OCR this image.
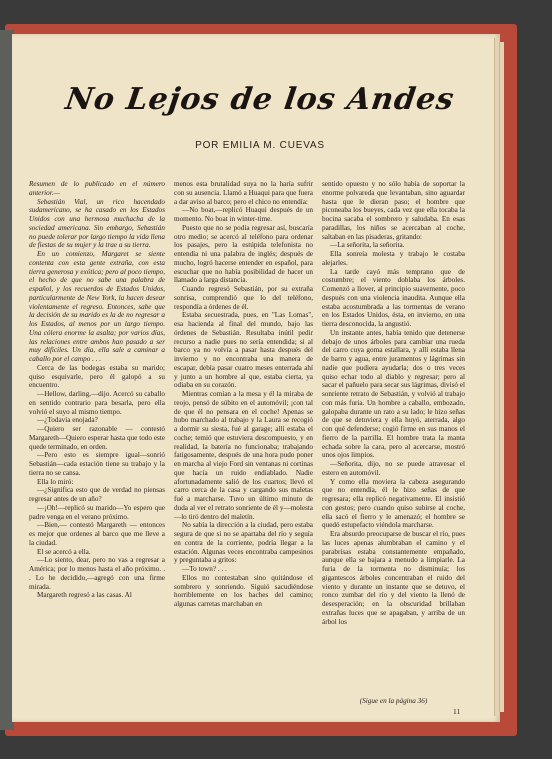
No Lejos de los Andes
POR EMILIA M. CUEVAS

Resumen de lo publicado en el número anterior.—

Sebastián Vial, un rico hacendado sudamericano, se ha casado en los Estados Unidos con una hermosa muchacha de la sociedad americana. Sin embargo, Sebastián no puede tolerar por largo tiempo la vida llena de fiestas de su mujer y la trae a su tierra.

En un comienzo, Margaret se siente contenta con esta gente extraña, con esta tierra generosa y exótica; pero al poco tiempo, el hecho de que no sabe una palabra de español, y los recuerdos de Estados Unidos, particularmente de New York, la hacen desear violentamente el regreso. Entonces, sabe que la decisión de su marido es la de no regresar a los Estados, al menos por un largo tiempo. Una cólera enorme la asalta; por varios días, las relaciones entre ambos han pasado a ser muy difíciles. Un día, ella sale a caminar a caballo por el campo . . .

Cerca de las bodegas estaba su marido; quiso esquivarle, pero él galopó a su encuentro.

—Hellow, darling,—dijo. Acercó su caballo en sentido contrario para besarla, pero ella volvió el suyo al mismo tiempo.

—¿Todavía enojada?

—Quiero ser razonable — contestó Margareth—Quiero esperar hasta que todo este quede terminado, en orden.

—Pero esto es siempre igual—sonrió Sebastián—cada estación tiene su trabajo y la tierra no se cansa.

Ella lo miró:

—¿Significa esto que de verdad no piensas regresar antes de un año?

—¡Oh!—replicó su marido—Yo espero que padre venga en el verano próximo.

—Bien,— contestó Margareth — entonces es mejor que ordenes al barco que me lleve a la ciudad.

El se acercó a ella.

—Lo siento, dear, pero no vas a regresar a América; por lo menos hasta el año próximo. . . Lo he decidido,—agregó con una firme mirada.

Margareth regresó a las casas. Al

menos esta brutalidad suya no la haría sufrir con su ausencia. Llamó a Huaqui para que fuera a dar aviso al barco; pero el chico no entendía:

—No boat,—replicó Huaqui después de un momento. No boat in winter-time.

Puesto que no se podía regresar así, buscaría otro medio; se acercó al teléfono para ordenar los pasajes, pero la estúpida telefonista no entendía ni una palabra de inglés; después de mucho, logró hacerse entender en español, para escuchar que no había posibilidad de hacer un llamado a larga distancia.

Cuando regresó Sebastián, por su extraña sonrisa, comprendió que lo del teléfono, respondía a órdenes de él.

Estaba secuestrada, pues, en "Las Lomas", esa hacienda al final del mundo, bajo las órdenes de Sebastián. Resultaba inútil pedir recurso a nadie pues no sería entendida; si al barco ya no volvía a pasar hasta después del invierno y no encontraba una manera de escapar, debía pasar cuatro meses enterrada ahí y junto a un hombre al que, estaba cierta, ya odiaba en su corazón.

Mientras comían a la mesa y él la miraba de reojo, pensó de súbito en el automóvil; ¡con tal de que él no pensara en el coche! Apenas se hubo marchado al trabajo y la Laura se recogió a dormir su siesta, fué al garage; allí estaba el coche; temió que estuviera descompuesto, y en realidad, la batería no funcionaba; trabajando fatigosamente, después de una hora pudo poner en marcha al viejo Ford sin ventanas ni cortinas que hacía un ruido endiablado. Nadie afortunadamente salió de los cuartos; llevó el carro cerca de la casa y cargando sus maletas fué a marcharse. Tuvo un último minuto de duda al ver el retrato sonriente de él y—molesta—lo tiró dentro del maletín.

No sabía la dirección a la ciudad, pero estaba segura de que si no se apartaba del río y seguía en contra de la corriente, podría llegar a la estación. Algunas veces encontraba campesinos y preguntaba a gritos:

—To town? . . .

Ellos no contestaban sino quitándose el sombrero y sonriendo. Siguió sacudiéndose horriblemente en los baches del camino; algunas carretas marchaban en

sentido opuesto y no sólo había de soportar la enorme polvareda que levantaban, sino aguardar hasta que le dieran paso; el hombre que piconeaba los bueyes, cada vez que ella tocaba la bocina sacaba el sombrero y saludaba. En esas paradillas, los niños se acercaban al coche, saltaban en las pisaderas, gritando:

—La señorita, la señorita.

Ella sonreía molesta y trabajo le costaba alejarles.

La tarde cayó más temprano que de costumbre; el viento doblaba los árboles. Comenzó a llover, al principio suavemente, poco después con una violencia inaudita. Aunque ella estaba acostumbrada a las tormentas de verano en los Estados Unidos, ésta, en invierno, en una tierra desconocida, la angustió.

Un instante antes, había tenido que detenerse debajo de unos árboles para cambiar una rueda del carro cuya goma estallara, y allí estaba llena de barro y agua, entre juramentos y lágrimas sin nadie que pudiera ayudarla; dos o tres veces quiso echar todo al diablo y regresar; pero al sacar el pañuelo para secar sus lágrimas, divisó el sonriente retrato de Sebastián, y volvió al trabajo con más furia. Un hombre a caballo, embozado, galopaba durante un rato a su lado; le hizo señas de que se detuviera y ella huyó, aterrada, algo con qué defenderse; cogió firme en sus manos el fierro de la parrilla. El hombre trata la manta echada sobre la cara, pero al acercarse, mostró unos ojos limpios.

—Señorita, dijo, no se puede atravesar el estero en automóvil.

Y como ella moviera la cabeza asegurando que no entendía, él le hizo señas de que regresara; ella replicó negativamente. El insistió con gestos; pero cuando quiso subirse al coche, ella sacó el fierro y le amenazó; el hombre se quedó estupefacto viéndola marcharse.

Era absurdo preocuparse de buscar el río, pues las luces apenas alumbraban el camino y el parabrisas estaba constantemente empañado, aunque ella se bajara a menudo a limpiarle. La furia de la tormenta no disminuía; los gigantescos árboles concentraban el ruido del viento y durante un instante que se detuvo, el ronco zumbar del río y del viento la llenó de desesperación; en la obscuridad brillaban extrañas luces que se apagaban, y arriba de un árbol los

(Sigue en la página 36)
11
